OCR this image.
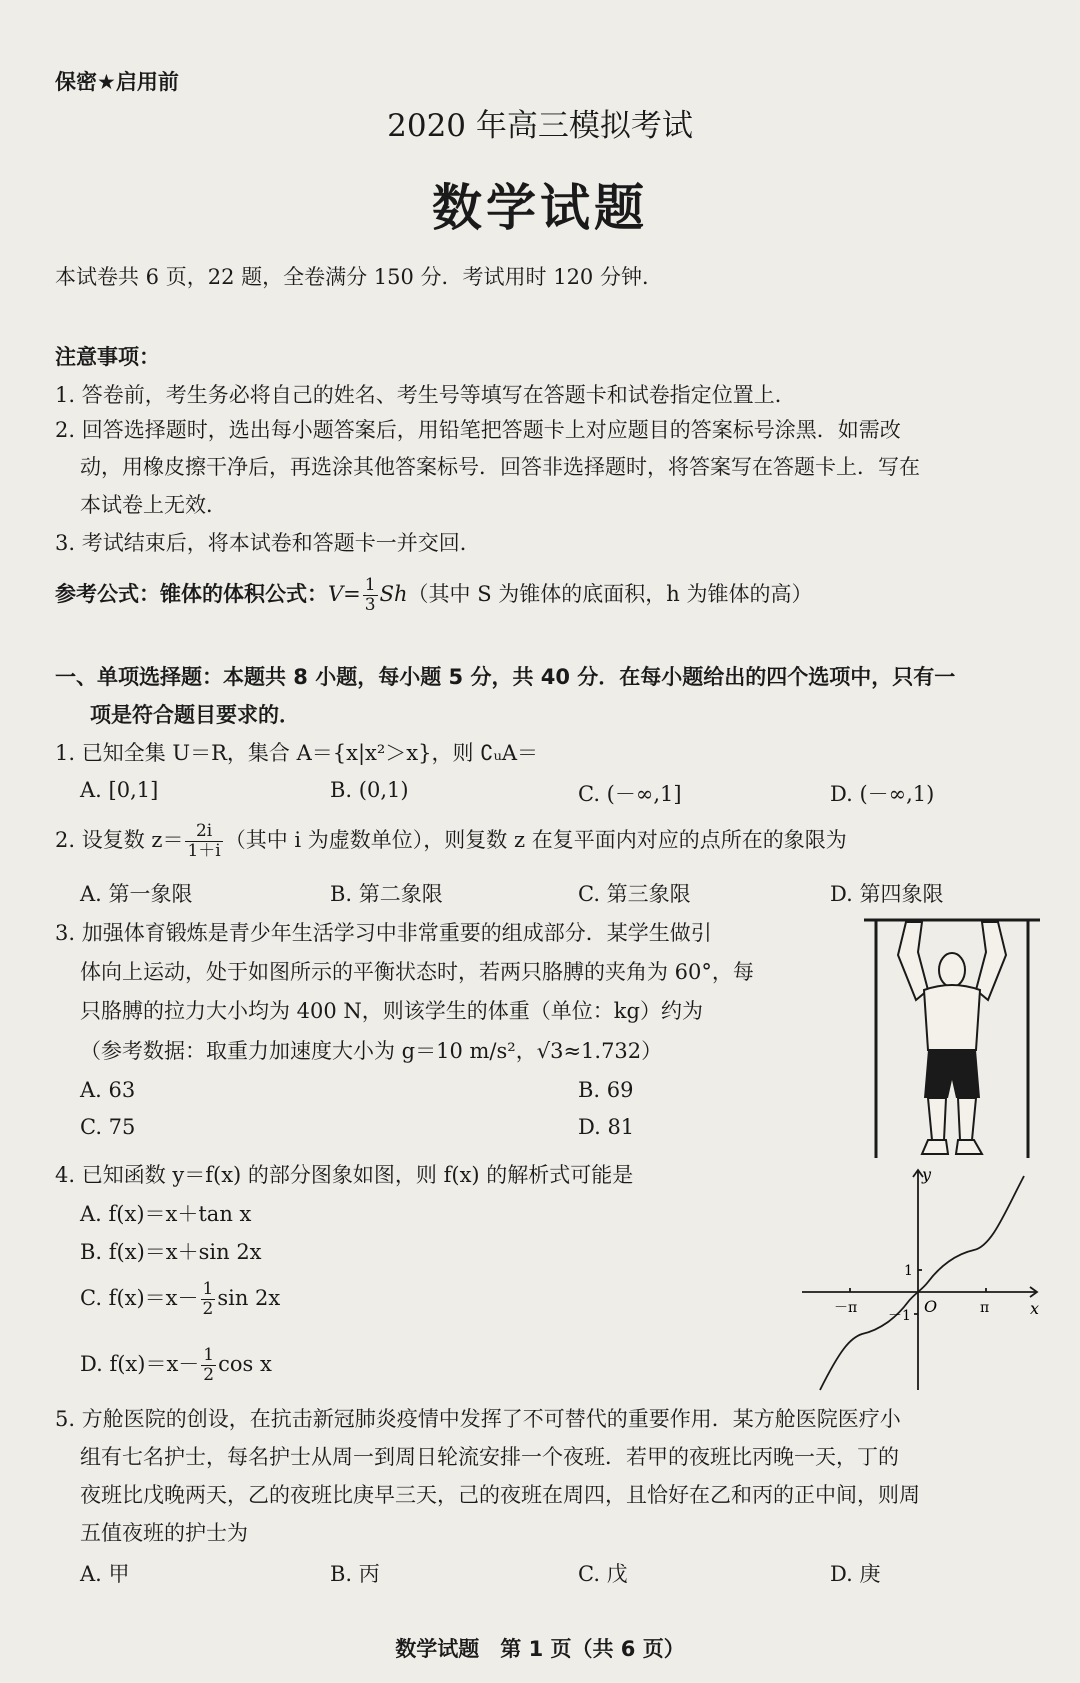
保密★启用前
2020 年高三模拟考试
数学试题
本试卷共 6 页，22 题，全卷满分 150 分．考试用时 120 分钟．
注意事项：
1. 答卷前，考生务必将自己的姓名、考生号等填写在答题卡和试卷指定位置上．
2. 回答选择题时，选出每小题答案后，用铅笔把答题卡上对应题目的答案标号涂黑．如需改
动，用橡皮擦干净后，再选涂其他答案标号．回答非选择题时，将答案写在答题卡上．写在
本试卷上无效．
3. 考试结束后，将本试卷和答题卡一并交回．
参考公式：锥体的体积公式：$V= \frac{1}{3} Sh$（其中 S 为锥体的底面积，h 为锥体的高）
一、单项选择题：本题共 8 小题，每小题 5 分，共 40 分．在每小题给出的四个选项中，只有一
项是符合题目要求的．
1. 已知全集 U＝R，集合 A＝{x|x²＞x}，则 ∁ᵤA＝
A. [0,1]	B. (0,1)	C. (－∞,1]	D. (－∞,1)
2. 设复数 $z= \frac{2i}{1+i}$ （其中 i 为虚数单位），则复数 z 在复平面内对应的点所在的象限为
A. 第一象限	B. 第二象限	C. 第三象限	D. 第四象限
3. 加强体育锻炼是青少年生活学习中非常重要的组成部分．某学生做引
体向上运动，处于如图所示的平衡状态时，若两只胳膊的夹角为 60°，每
只胳膊的拉力大小均为 400 N，则该学生的体重（单位：kg）约为
（参考数据：取重力加速度大小为 g＝10 m/s²，√3≈1.732）
A. 63	B. 69
C. 75	D. 81
4. 已知函数 y＝f(x) 的部分图象如图，则 f(x) 的解析式可能是
A. f(x)＝x＋tan x
B. f(x)＝x＋sin 2x
C. $f(x)=x- \frac{1}{2}$ sin 2x
D. $f(x)=x- \frac{1}{2}$ cos x
y
x
O
－π	π
1
－1
5. 方舱医院的创设，在抗击新冠肺炎疫情中发挥了不可替代的重要作用．某方舱医院医疗小
组有七名护士，每名护士从周一到周日轮流安排一个夜班．若甲的夜班比丙晚一天，丁的
夜班比戊晚两天，乙的夜班比庚早三天，己的夜班在周四，且恰好在乙和丙的正中间，则周
五值夜班的护士为
A. 甲	B. 丙	C. 戊	D. 庚
数学试题　第 1 页（共 6 页）
